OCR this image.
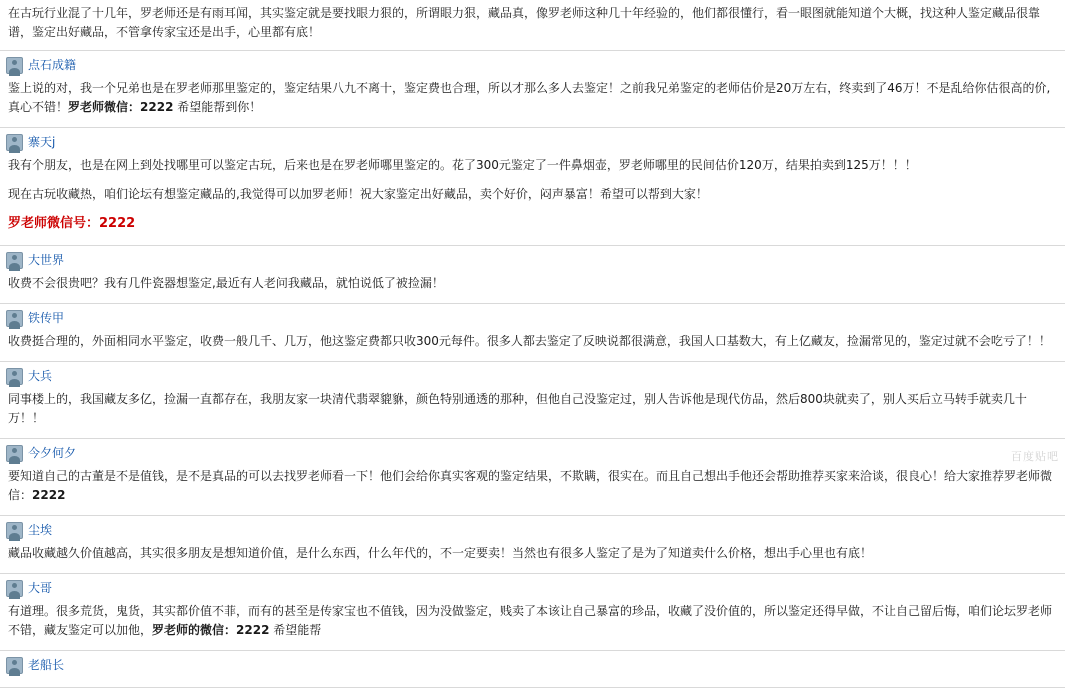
在古玩行业混了十几年，罗老师还是有雨耳闻，其实鉴定就是要找眼力狠的，所谓眼力狠，藏品真，像罗老师这种几十年经验的，他们都很懂行，看一眼图就能知道个大概，找这种人鉴定藏品很靠谱，鉴定出好藏品，不管拿传家宝还是出手，心里都有底！
点石成籍
鉴上说的对，我一个兄弟也是在罗老师那里鉴定的，鉴定结果八九不离十，鉴定费也合理，所以才那么多人去鉴定！之前我兄弟鉴定的老师估价是20万左右，终卖到了46万！不是乱给你估很高的价,真心不错！罗老师微信：2222 希望能帮到你！
寨天j
我有个朋友，也是在网上到处找哪里可以鉴定古玩，后来也是在罗老师哪里鉴定的。花了300元鉴定了一件鼻烟壶，罗老师哪里的民间估价120万，结果拍卖到125万！！！
现在古玩收藏热，咱们论坛有想鉴定藏品的,我觉得可以加罗老师！祝大家鉴定出好藏品，卖个好价，闷声暴富！希望可以帮到大家！
罗老师微信号：2222
大世界
收费不会很贵吧？我有几件瓷器想鉴定,最近有人老问我藏品，就怕说低了被捡漏！
铁传甲
收费挺合理的，外面相同水平鉴定，收费一般几千、几万，他这鉴定费都只收300元每件。很多人都去鉴定了反映说都很满意，我国人口基数大，有上亿藏友，捡漏常见的，鉴定过就不会吃亏了！！
大兵
同事楼上的，我国藏友多亿，捡漏一直都存在，我朋友家一块清代翡翠貔貅，颜色特别通透的那种，但他自己没鉴定过，别人告诉他是现代仿品，然后800块就卖了，别人买后立马转手就卖几十万！！
今夕何夕
要知道自己的古董是不是值钱，是不是真品的可以去找罗老师看一下！他们会给你真实客观的鉴定结果，不欺瞒，很实在。而且自己想出手他还会帮助推荐买家来洽谈，很良心！给大家推荐罗老师微信：2222
尘埃
藏品收藏越久价值越高，其实很多朋友是想知道价值，是什么东西，什么年代的，不一定要卖！当然也有很多人鉴定了是为了知道卖什么价格，想出手心里也有底！
大哥
有道理。很多荒货，鬼货，其实都价值不菲，而有的甚至是传家宝也不值钱，因为没做鉴定，贱卖了本该让自己暴富的珍品，收藏了没价值的，所以鉴定还得早做，不让自己留后悔，咱们论坛罗老师不错，藏友鉴定可以加他，罗老师的微信：2222 希望能帮
老船长
百度贴吧
